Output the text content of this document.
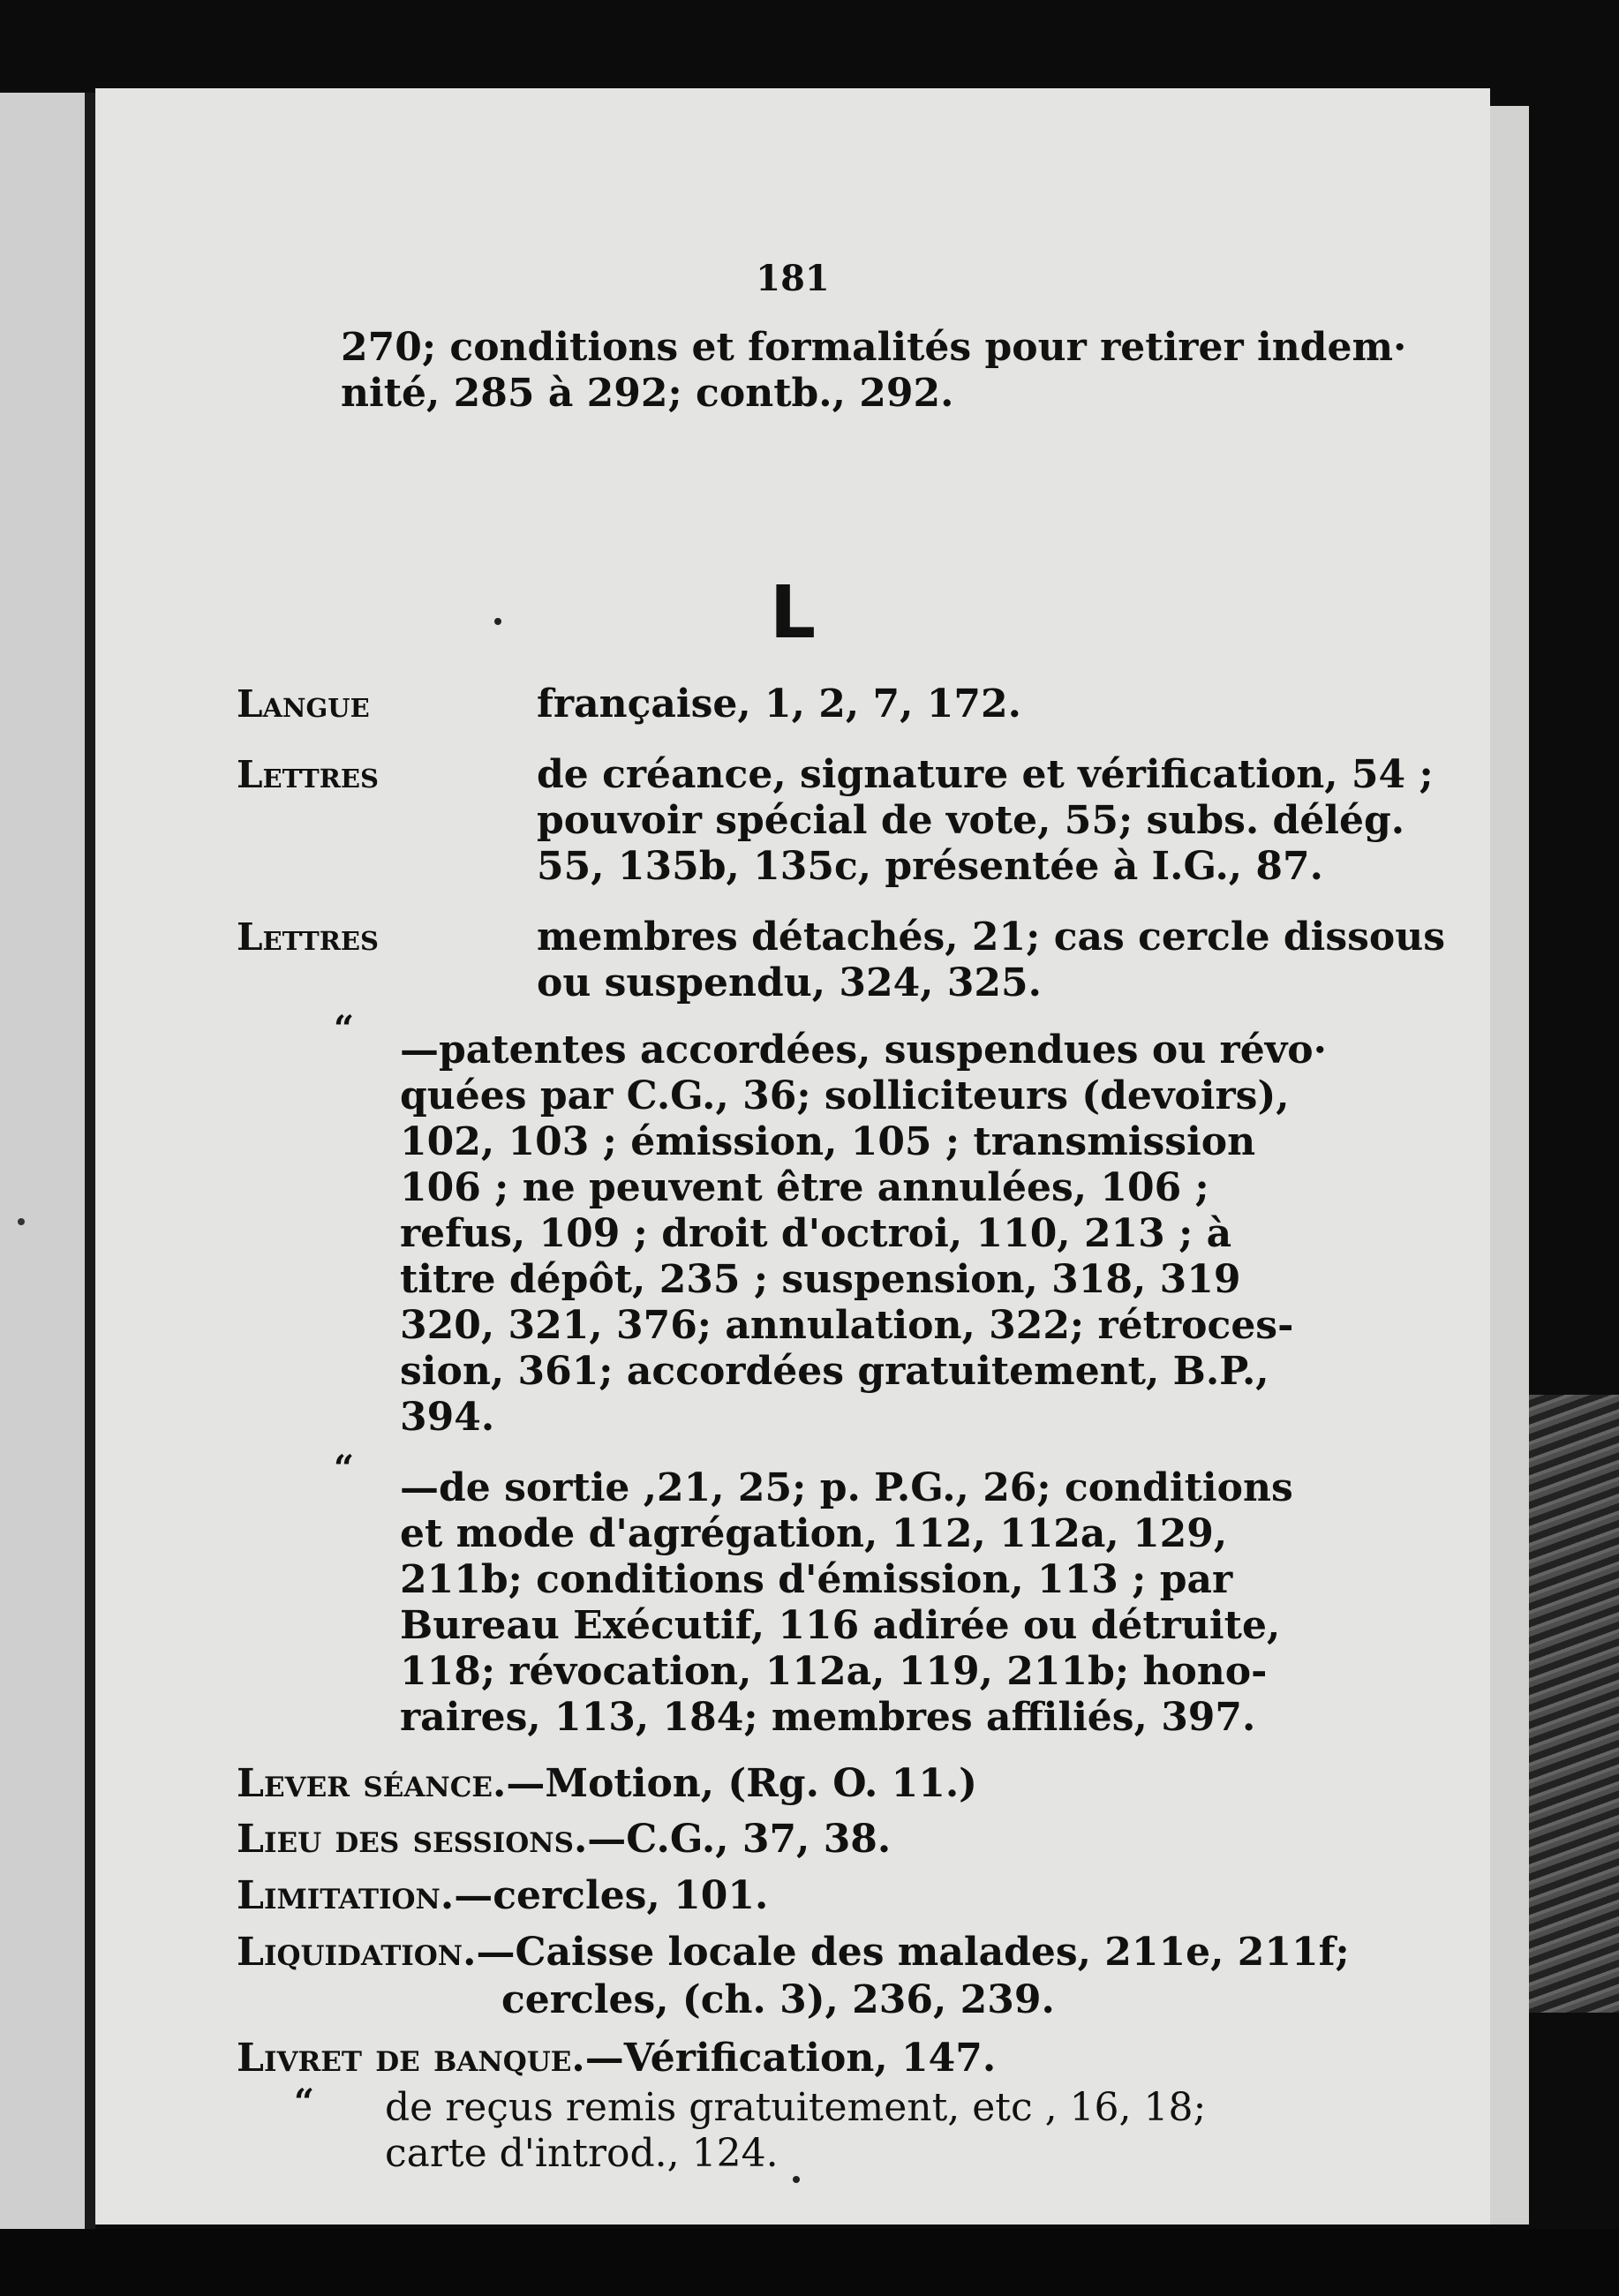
181
270; conditions et formalités pour retirer indem·
nité, 285 à 292; contb., 292.
L
Langue	française, 1, 2, 7, 172.
Lettres	de créance, signature et vérification, 54 ;
pouvoir spécial de vote, 55; subs. délég.
55, 135b, 135c, présentée à I.G., 87.
Lettres	membres détachés, 21; cas cercle dissous
ou suspendu, 324, 325.
“ —patentes accordées, suspendues ou révo·
quées par C.G., 36; solliciteurs (devoirs),
102, 103 ; émission, 105 ; transmission
106 ; ne peuvent être annulées, 106 ;
refus, 109 ; droit d'octroi, 110, 213 ; à
titre dépôt, 235 ; suspension, 318, 319
320, 321, 376; annulation, 322; rétroces-
sion, 361; accordées gratuitement, B.P.,
394.
“ —de sortie ,21, 25; p. P.G., 26; conditions
et mode d'agrégation, 112, 112a, 129,
211b; conditions d'émission, 113 ; par
Bureau Exécutif, 116 adirée ou détruite,
118; révocation, 112a, 119, 211b; hono-
raires, 113, 184; membres affiliés, 397.
Lever séance.—Motion, (Rg. O. 11.)
Lieu des sessions.—C.G., 37, 38.
Limitation.—cercles, 101.
Liquidation.—Caisse locale des malades, 211e, 211f;
cercles, (ch. 3), 236, 239.
Livret de banque.—Vérification, 147.
“ de reçus remis gratuitement, etc , 16, 18;
carte d'introd., 124.
